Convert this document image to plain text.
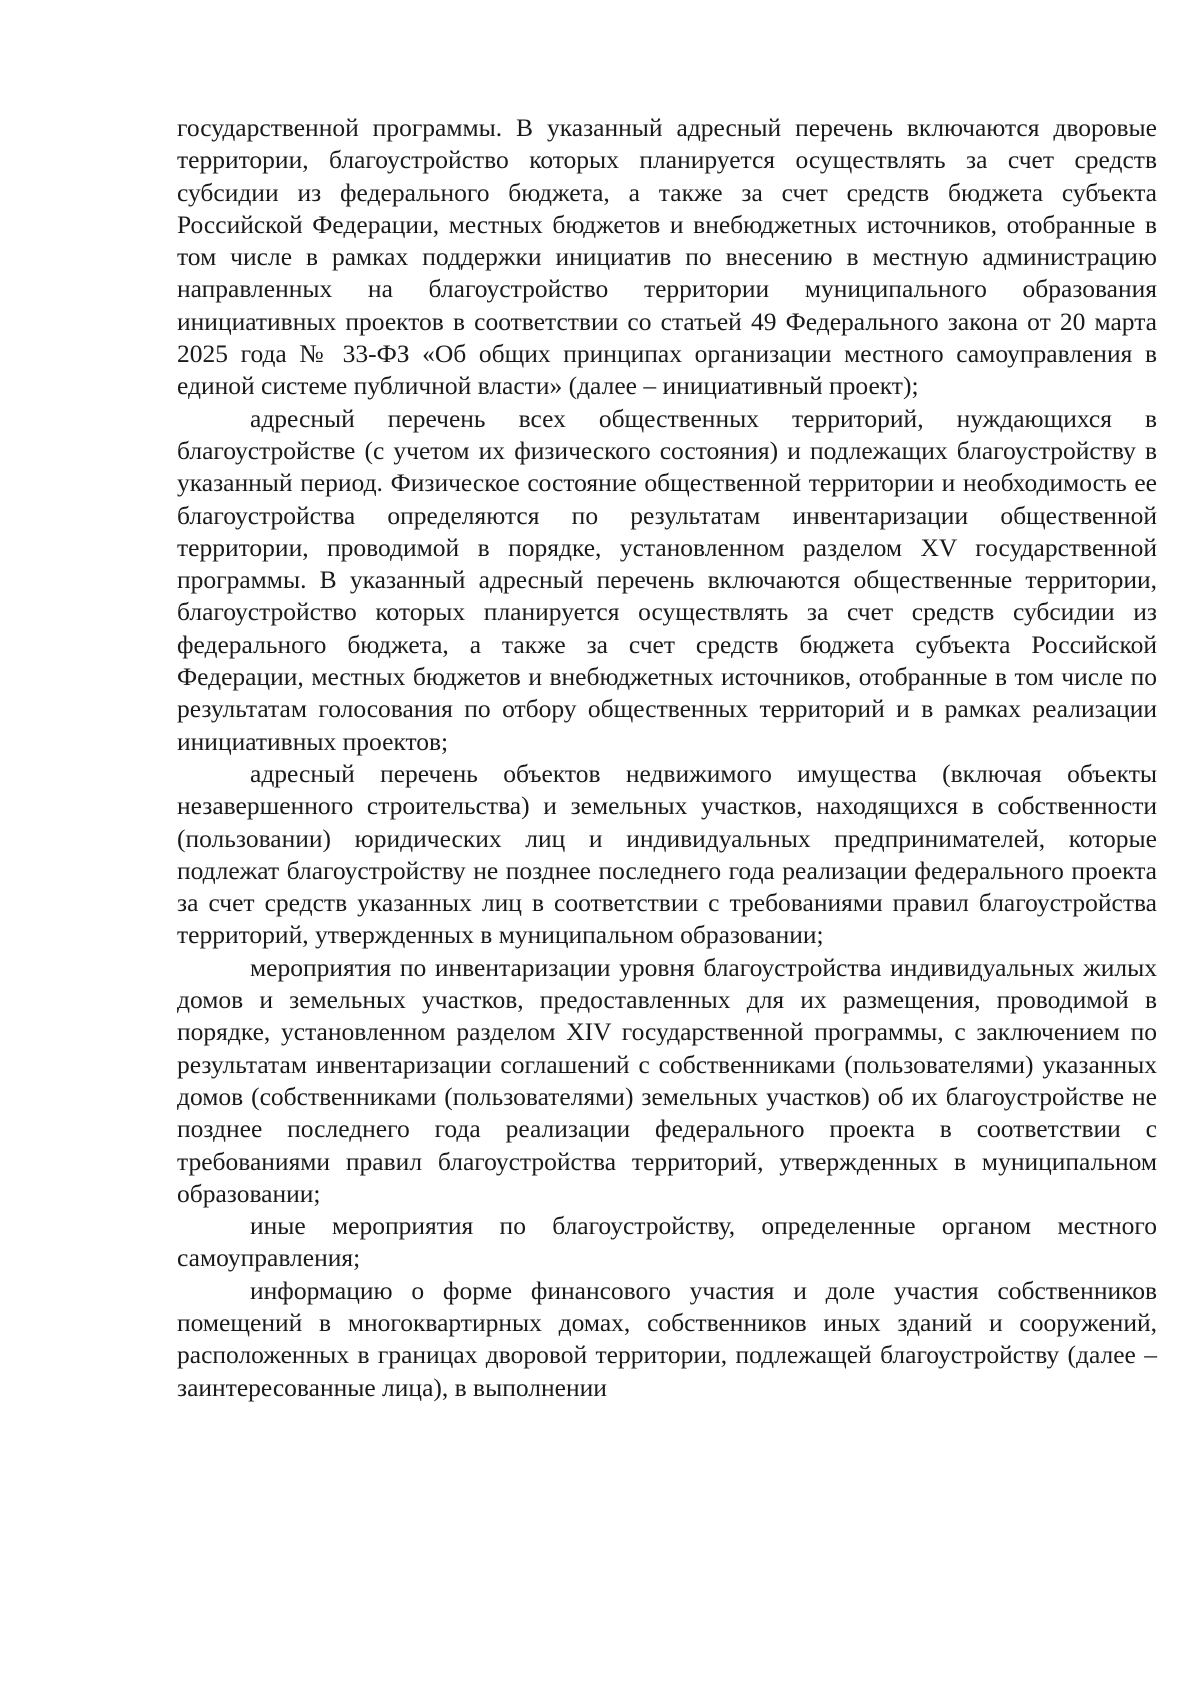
государственной программы. В указанный адресный перечень включаются дворовые территории, благоустройство которых планируется осуществлять за счет средств субсидии из федерального бюджета, а также за счет средств бюджета субъекта Российской Федерации, местных бюджетов и внебюджетных источников, отобранные в том числе в рамках поддержки инициатив по внесению в местную администрацию направленных на благоустройство территории муниципального образования инициативных проектов в соответствии со статьей 49 Федерального закона от 20 марта 2025 года № 33-ФЗ «Об общих принципах организации местного самоуправления в единой системе публичной власти» (далее – инициативный проект);

адресный перечень всех общественных территорий, нуждающихся в благоустройстве (с учетом их физического состояния) и подлежащих благоустройству в указанный период. Физическое состояние общественной территории и необходимость ее благоустройства определяются по результатам инвентаризации общественной территории, проводимой в порядке, установленном разделом XV государственной программы. В указанный адресный перечень включаются общественные территории, благоустройство которых планируется осуществлять за счет средств субсидии из федерального бюджета, а также за счет средств бюджета субъекта Российской Федерации, местных бюджетов и внебюджетных источников, отобранные в том числе по результатам голосования по отбору общественных территорий и в рамках реализации инициативных проектов;

адресный перечень объектов недвижимого имущества (включая объекты незавершенного строительства) и земельных участков, находящихся в собственности (пользовании) юридических лиц и индивидуальных предпринимателей, которые подлежат благоустройству не позднее последнего года реализации федерального проекта за счет средств указанных лиц в соответствии с требованиями правил благоустройства территорий, утвержденных в муниципальном образовании;

мероприятия по инвентаризации уровня благоустройства индивидуальных жилых домов и земельных участков, предоставленных для их размещения, проводимой в порядке, установленном разделом XIV государственной программы, с заключением по результатам инвентаризации соглашений с собственниками (пользователями) указанных домов (собственниками (пользователями) земельных участков) об их благоустройстве не позднее последнего года реализации федерального проекта в соответствии с требованиями правил благоустройства территорий, утвержденных в муниципальном образовании;

иные мероприятия по благоустройству, определенные органом местного самоуправления;

информацию о форме финансового участия и доле участия собственников помещений в многоквартирных домах, собственников иных зданий и сооружений, расположенных в границах дворовой территории, подлежащей благоустройству (далее – заинтересованные лица), в выполнении
